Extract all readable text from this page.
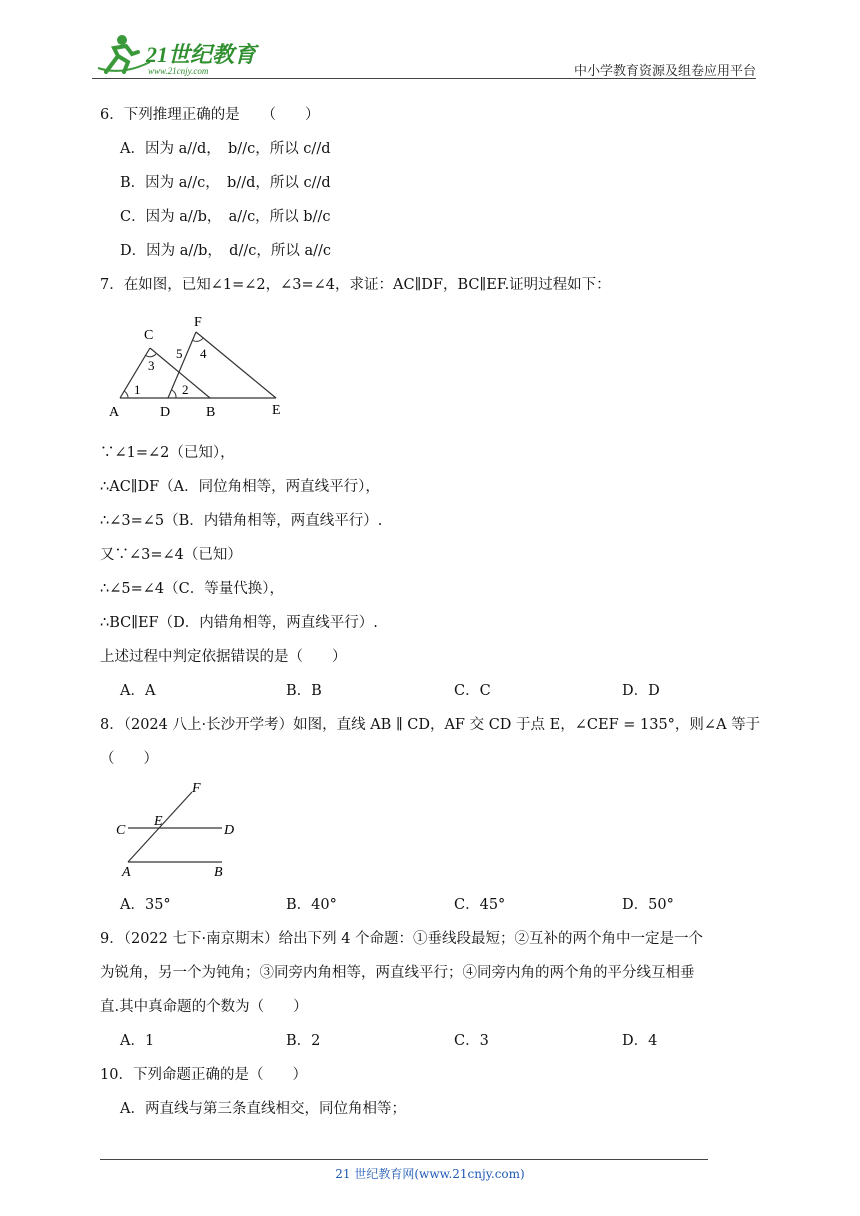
21世纪教育
www.21cnjy.com	中小学教育资源及组卷应用平台
6．下列推理正确的是　　（　　）
A．因为 a//d，　b//c，所以 c//d
B．因为 a//c，　b//d，所以 c//d
C．因为 a//b，　a//c，所以 b//c
D．因为 a//b，　d//c，所以 a//c
7．在如图，已知∠1=∠2，∠3=∠4，求证：AC∥DF，BC∥EF.证明过程如下：
C
F
5 4
3
1	2
A	D	B	E
∵∠1=∠2（已知），
∴AC∥DF（A．同位角相等，两直线平行），
∴∠3=∠5（B．内错角相等，两直线平行）.
又∵∠3=∠4（已知）
∴∠5=∠4（C．等量代换），
∴BC∥EF（D．内错角相等，两直线平行）.
上述过程中判定依据错误的是（　　）
A．A	B．B	C．C	D．D
8．（2024 八上·长沙开学考）如图，直线 AB ∥ CD，AF 交 CD 于点 E，∠CEF = 135°，则∠A 等于
（　　）
F
C
E
D
A	B
A．35°	B．40°	C．45°	D．50°
9．（2022 七下·南京期末）给出下列 4 个命题：①垂线段最短；②互补的两个角中一定是一个
为锐角，另一个为钝角；③同旁内角相等，两直线平行；④同旁内角的两个角的平分线互相垂
直.其中真命题的个数为（　　）
A．1	B．2	C．3	D．4
10．下列命题正确的是（　　）
A．两直线与第三条直线相交，同位角相等；
21 世纪教育网(www.21cnjy.com)
